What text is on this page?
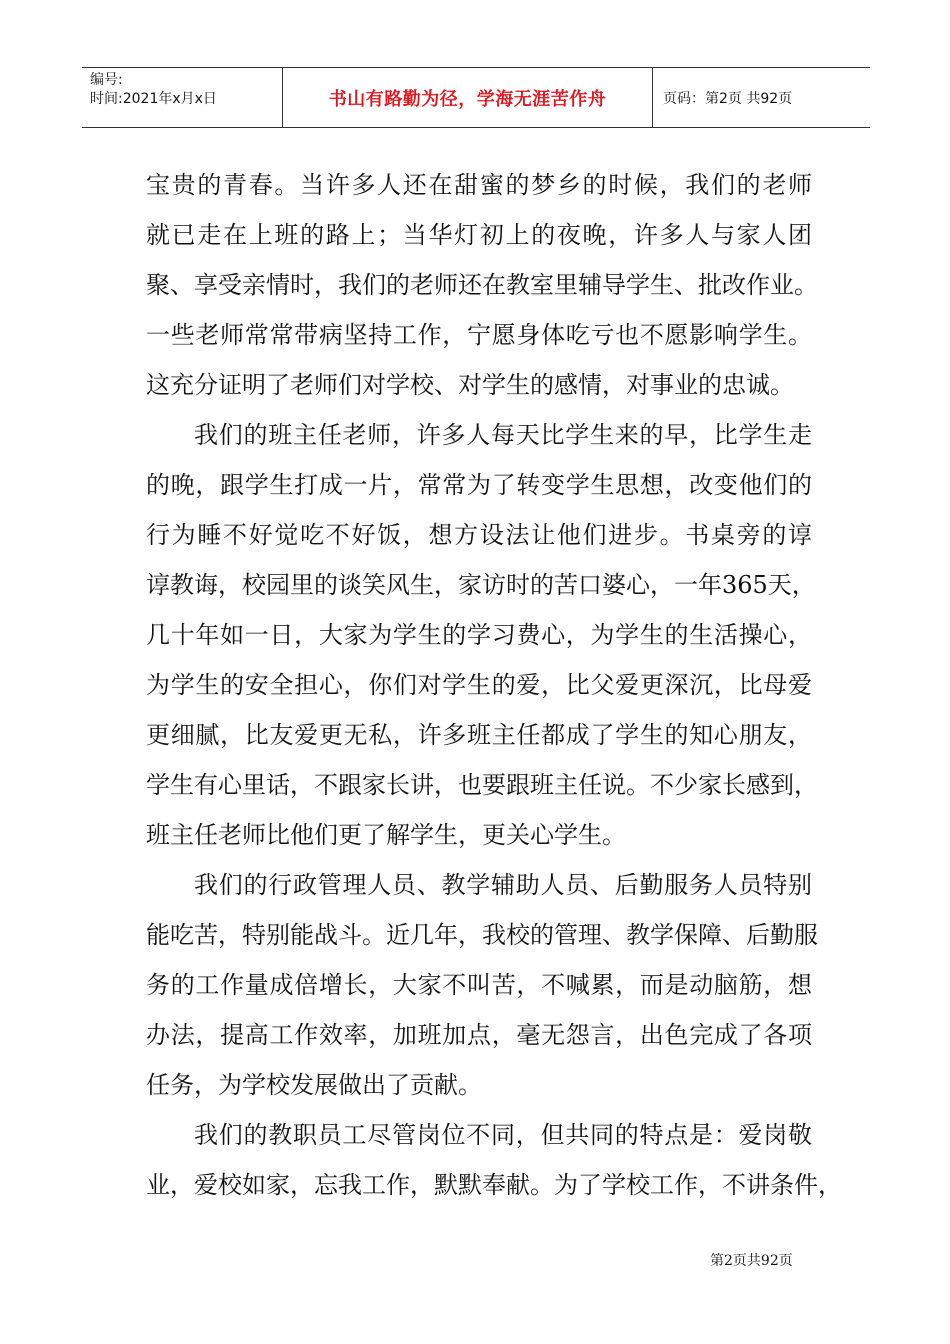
编号:
时间:2021年x月x日	书山有路勤为径，学海无涯苦作舟	页码：第2页 共92页
宝贵的青春。当许多人还在甜蜜的梦乡的时候，我们的老师
就已走在上班的路上；当华灯初上的夜晚，许多人与家人团
聚、享受亲情时，我们的老师还在教室里辅导学生、批改作业。
一些老师常常带病坚持工作，宁愿身体吃亏也不愿影响学生。
这充分证明了老师们对学校、对学生的感情，对事业的忠诚。
我们的班主任老师，许多人每天比学生来的早，比学生走
的晚，跟学生打成一片，常常为了转变学生思想，改变他们的
行为睡不好觉吃不好饭，想方设法让他们进步。书桌旁的谆
谆教诲，校园里的谈笑风生，家访时的苦口婆心，一年365天，
几十年如一日，大家为学生的学习费心，为学生的生活操心，
为学生的安全担心，你们对学生的爱，比父爱更深沉，比母爱
更细腻，比友爱更无私，许多班主任都成了学生的知心朋友，
学生有心里话，不跟家长讲，也要跟班主任说。不少家长感到，
班主任老师比他们更了解学生，更关心学生。
我们的行政管理人员、教学辅助人员、后勤服务人员特别
能吃苦，特别能战斗。近几年，我校的管理、教学保障、后勤服
务的工作量成倍增长，大家不叫苦，不喊累，而是动脑筋，想
办法，提高工作效率，加班加点，毫无怨言，出色完成了各项
任务，为学校发展做出了贡献。
我们的教职员工尽管岗位不同，但共同的特点是：爱岗敬
业，爱校如家，忘我工作，默默奉献。为了学校工作，不讲条件，
第2页共92页
